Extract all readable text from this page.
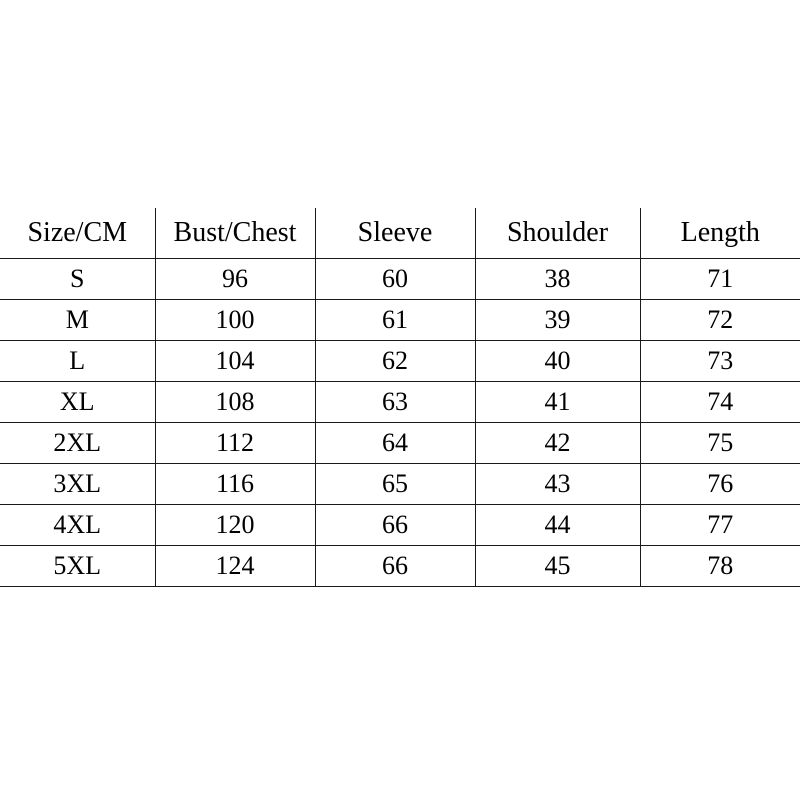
Size/CM	Bust/Chest	Sleeve	Shoulder	Length
S	96	60	38	71
M	100	61	39	72
L	104	62	40	73
XL	108	63	41	74
2XL	112	64	42	75
3XL	116	65	43	76
4XL	120	66	44	77
5XL	124	66	45	78
